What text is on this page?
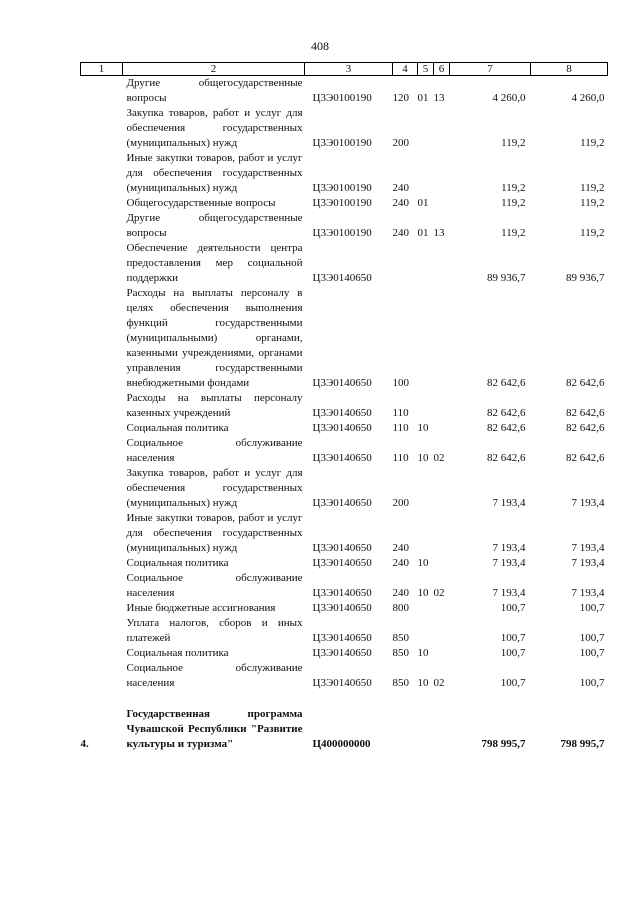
408
1	2	3	4	5	6	7	8
	Другие общегосударственные вопросы	Ц3Э0100190	120	01	13	4 260,0	4 260,0
	Закупка товаров, работ и услуг для обеспечения государственных (муниципальных) нужд	Ц3Э0100190	200			119,2	119,2
	Иные закупки товаров, работ и услуг для обеспечения государственных (муниципальных) нужд	Ц3Э0100190	240			119,2	119,2
	Общегосударственные вопросы	Ц3Э0100190	240	01		119,2	119,2
	Другие общегосударственные вопросы	Ц3Э0100190	240	01	13	119,2	119,2
	Обеспечение деятельности центра предоставления мер социальной поддержки	Ц3Э0140650				89 936,7	89 936,7
	Расходы на выплаты персоналу в целях обеспечения выполнения функций государственными (муниципальными) органами, казенными учреждениями, органами управления государственными внебюджетными фондами	Ц3Э0140650	100			82 642,6	82 642,6
	Расходы на выплаты персоналу казенных учреждений	Ц3Э0140650	110			82 642,6	82 642,6
	Социальная политика	Ц3Э0140650	110	10		82 642,6	82 642,6
	Социальное обслуживание населения	Ц3Э0140650	110	10	02	82 642,6	82 642,6
	Закупка товаров, работ и услуг для обеспечения государственных (муниципальных) нужд	Ц3Э0140650	200			7 193,4	7 193,4
	Иные закупки товаров, работ и услуг для обеспечения государственных (муниципальных) нужд	Ц3Э0140650	240			7 193,4	7 193,4
	Социальная политика	Ц3Э0140650	240	10		7 193,4	7 193,4
	Социальное обслуживание населения	Ц3Э0140650	240	10	02	7 193,4	7 193,4
	Иные бюджетные ассигнования	Ц3Э0140650	800			100,7	100,7
	Уплата налогов, сборов и иных платежей	Ц3Э0140650	850			100,7	100,7
	Социальная политика	Ц3Э0140650	850	10		100,7	100,7
	Социальное обслуживание населения	Ц3Э0140650	850	10	02	100,7	100,7

4.	Государственная программа Чувашской Республики "Развитие культуры и туризма"	Ц400000000				798 995,7	798 995,7
